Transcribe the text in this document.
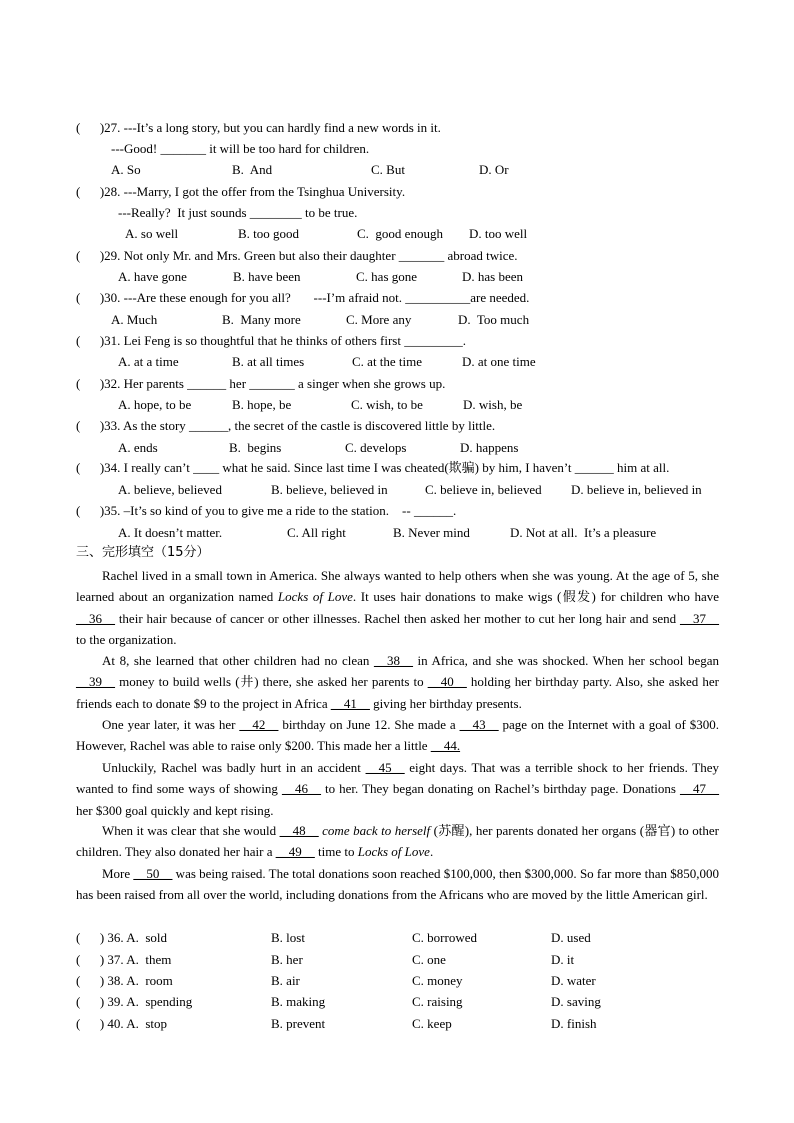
(      )27. ---It’s a long story, but you can hardly find a new words in it.
---Good! _______ it will be too hard for children.
A. So	B.  And	C. But	D. Or
(      )28. ---Marry, I got the offer from the Tsinghua University.
---Really?  It just sounds ________ to be true.
A. so well	B. too good	C.  good enough D. too well
(      )29. Not only Mr. and Mrs. Green but also their daughter _______ abroad twice.
A. have gone	B. have been	C. has gone	D. has been
(      )30. ---Are these enough for you all?       ---I’m afraid not. __________are needed.
A. Much	B.  Many more	C. More any	D.  Too much
(      )31. Lei Feng is so thoughtful that he thinks of others first _________.
A. at a time	B. at all times	C. at the time	D. at one time
(      )32. Her parents ______ her _______ a singer when she grows up.
A. hope, to be	B. hope, be	C. wish, to be	D. wish, be
(      )33. As the story ______, the secret of the castle is discovered little by little.
A. ends	B.  begins	C. develops	D. happens
(      )34. I really can’t ____ what he said. Since last time I was cheated(欺骗) by him, I haven’t ______ him at all.
A. believe, believed	B. believe, believed in	C. believe in, believed D. believe in, believed in
(      )35. –It’s so kind of you to give me a ride to the station.    -- ______.
A. It doesn’t matter.	C. All right	B. Never mind	D. Not at all.  It’s a pleasure
三、完形填空（15分）
Rachel lived in a small town in America. She always wanted to help others when she was young. At the age of 5, she learned about an organization named Locks of Love. It uses hair donations to make wigs (假发) for children who have __36__ their hair because of cancer or other illnesses. Rachel then asked her mother to cut her long hair and send __37__ to the organization.
At 8, she learned that other children had no clean __38__ in Africa, and she was shocked. When her school began __39__ money to build wells (井) there, she asked her parents to __40__ holding her birthday party. Also, she asked her friends each to donate $9 to the project in Africa __41__ giving her birthday presents.
One year later, it was her __42__ birthday on June 12. She made a __43__ page on the Internet with a goal of $300. However, Rachel was able to raise only $200. This made her a little __44.
Unluckily, Rachel was badly hurt in an accident __45__ eight days. That was a terrible shock to her friends. They wanted to find some ways of showing __46__ to her. They began donating on Rachel’s birthday page. Donations __47__ her $300 goal quickly and kept rising.
When it was clear that she would __48__ come back to herself (苏醒), her parents donated her organs (器官) to other children. They also donated her hair a __49__ time to Locks of Love.
More __50__ was being raised. The total donations soon reached $100,000, then $300,000. So far more than $850,000 has been raised from all over the world, including donations from the Africans who are moved by the little American girl.
(      ) 36. A.  sold	B. lost	C. borrowed	D. used
(      ) 37. A.  them	B. her	C. one	D. it
(      ) 38. A.  room	B. air	C. money	D. water
(      ) 39. A.  spending	B. making	C. raising	D. saving
(      ) 40. A.  stop	B. prevent	C. keep	D. finish
